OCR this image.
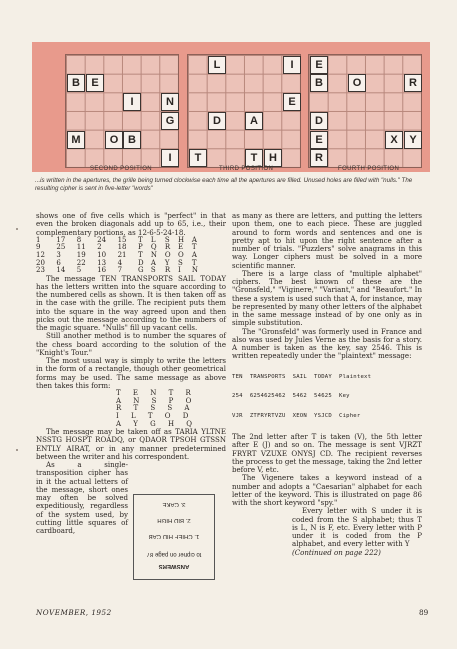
B	E
I	N
G
M	O B
I
L	I
E
D	A
T	T	H
E
B	O	R
D
E
R
X	Y
SECOND POSITION	THIRD POSITION	FOURTH POSITION
...is written in the apertures, the grille being turned clockwise each time all the apertures are filled. Unused holes are filled with "nulls." The resulting cipher is sent in five-letter "words"

shows one of five cells which is "perfect" in that even the broken diagonals add up to 65, i.e., their complementary portions, as 12-6-5-24-18.

1	17	8	24	15	T	L	S	H	A
9	25	11	2	18	P	Q	R	E	T
12	3	19	10	21	T	N	O	O	A
20	6	22	13	4	D	A	Y	S	T
23	14	5	16	7	G	S	R	I	N

The message TEN TRANSPORTS SAIL TODAY has the letters written into the square according to the numbered cells as shown. It is then taken off as in the case with the grille. The recipient puts them into the square in the way agreed upon and then picks out the message according to the numbers of the magic square. "Nulls" fill up vacant cells.

Still another method is to number the squares of the chess board according to the solution of the "Knight's Tour."

The most usual way is simply to write the letters in the form of a rectangle, though other geometrical forms may be used. The same message as above then takes this form:

T E N T R
A N S P O
R T S S A
I L T O D
A Y G H Q

The message may be taken off as TARIA YLTNE NSSTG HOSPT ROADQ, or QDAOR TPSOH GTSSN ENTLY AIRAT, or in any manner predetermined between the writer and his correspondent.

As a single-transposition cipher has in it the actual letters of the message, short ones may often be solved expeditiously, regardless of the system used, by cutting little squares of cardboard,

3. CAKE
2. BID HIGH
1. CHIEF HID CAB
to cipher on page 87
ANSWERS

as many as there are letters, and putting the letters upon them, one to each piece. These are juggled around to form words and sentences and one is pretty apt to hit upon the right sentence after a number of trials. "Puzzlers" solve anagrams in this way. Longer ciphers must be solved in a more scientific manner.

There is a large class of "multiple alphabet" ciphers. The best known of these are the "Gronsfeld," "Viginere," "Variant," and "Beaufort." In these a system is used such that A, for instance, may be represented by many other letters of the alphabet in the same message instead of by one only as in simple substitution.

The "Gronsfeld" was formerly used in France and also was used by Jules Verne as the basis for a story. A number is taken as the key, say 2546. This is written repeatedly under the "plaintext" message:

TEN  TRANSPORTS  SAIL  TODAY  Plaintext

254  6254625462  5462  54625  Key

VJR  ZTFRYRTVZU  XEON  YSJCD  Cipher

The 2nd letter after T is taken (V), the 5th letter after E (J) and so on. The message is sent VJRZT FRYRT VZUXE ONYSJ CD. The recipient reverses the process to get the message, taking the 2nd letter before V, etc.

The Vigenere takes a keyword instead of a number and adopts a "Caesarian" alphabet for each letter of the keyword. This is illustrated on page 86 with the short keyword "spy."

Every letter with S under it is coded from the S alphabet; thus T is L, N is F, etc. Every letter with P under it is coded from the P alphabet, and every letter with Y

(Continued on page 222)

NOVEMBER, 1952	89
